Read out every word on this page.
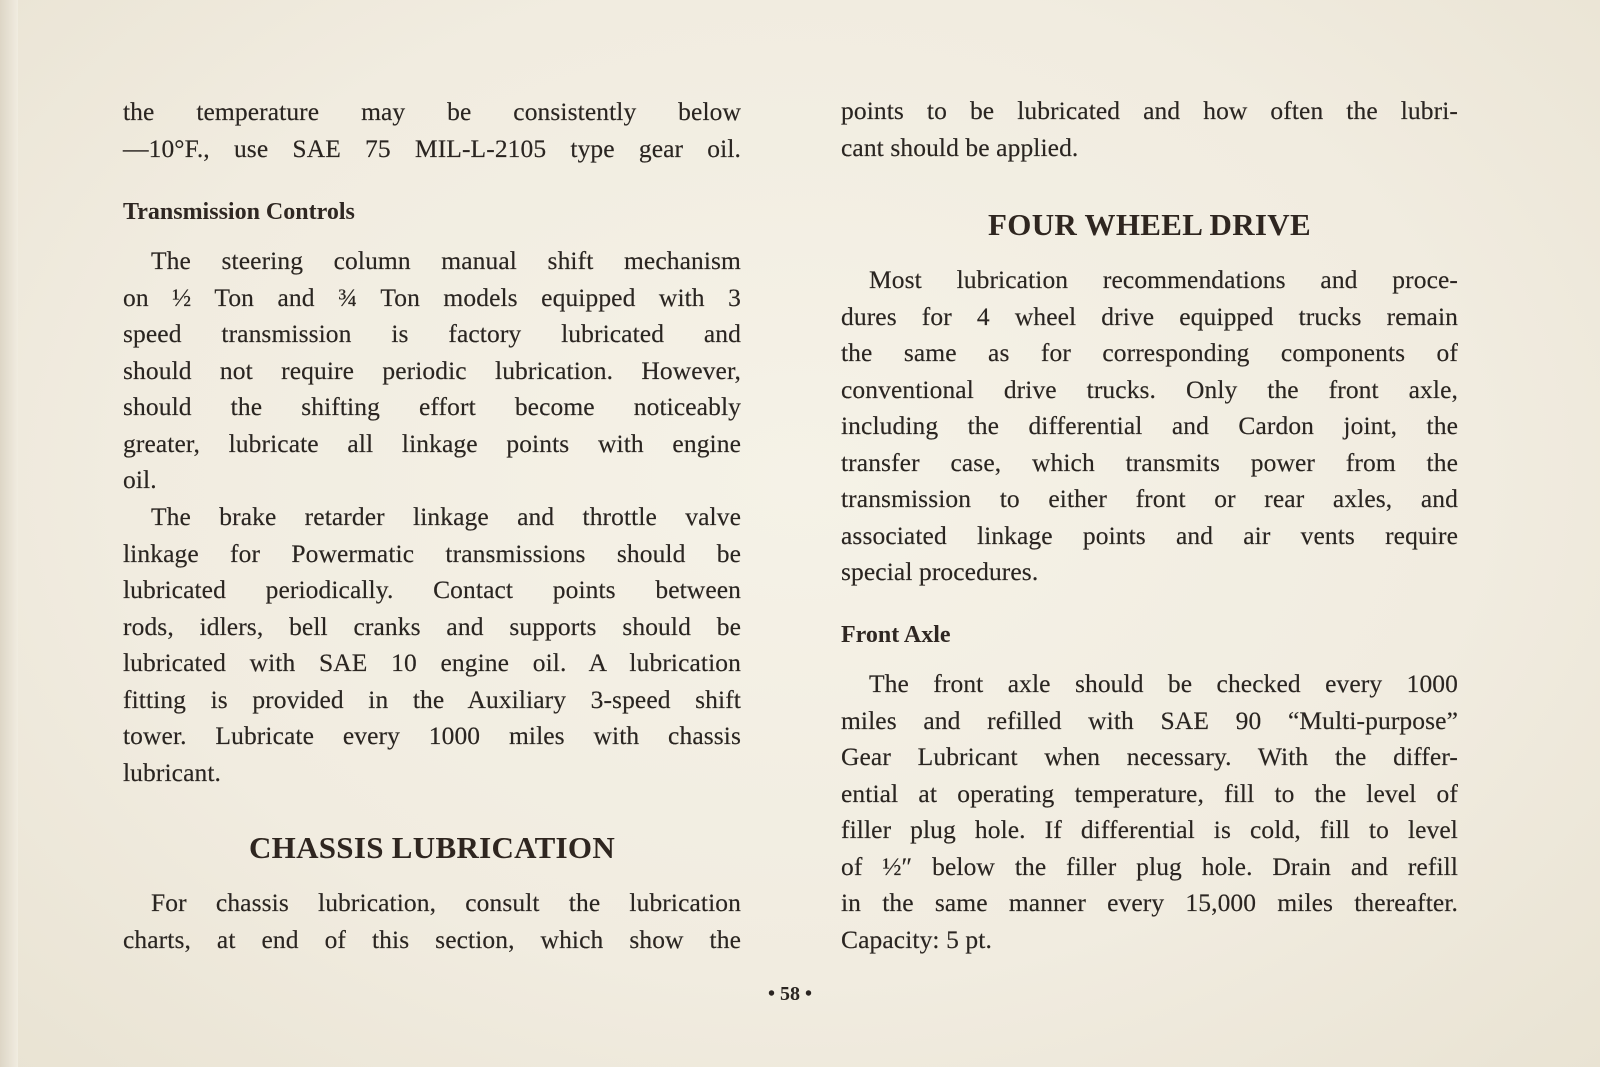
the temperature may be consistently below
—10°F., use SAE 75 MIL-L-2105 type gear oil.
Transmission Controls
The steering column manual shift mechanism
on ½ Ton and ¾ Ton models equipped with 3
speed transmission is factory lubricated and
should not require periodic lubrication. However,
should the shifting effort become noticeably
greater, lubricate all linkage points with engine
oil.
The brake retarder linkage and throttle valve
linkage for Powermatic transmissions should be
lubricated periodically. Contact points between
rods, idlers, bell cranks and supports should be
lubricated with SAE 10 engine oil. A lubrication
fitting is provided in the Auxiliary 3-speed shift
tower. Lubricate every 1000 miles with chassis
lubricant.
CHASSIS LUBRICATION
For chassis lubrication, consult the lubrication
charts, at end of this section, which show the
points to be lubricated and how often the lubri-
cant should be applied.
FOUR WHEEL DRIVE
Most lubrication recommendations and proce-
dures for 4 wheel drive equipped trucks remain
the same as for corresponding components of
conventional drive trucks. Only the front axle,
including the differential and Cardon joint, the
transfer case, which transmits power from the
transmission to either front or rear axles, and
associated linkage points and air vents require
special procedures.
Front Axle
The front axle should be checked every 1000
miles and refilled with SAE 90 “Multi-purpose”
Gear Lubricant when necessary. With the differ-
ential at operating temperature, fill to the level of
filler plug hole. If differential is cold, fill to level
of ½″ below the filler plug hole. Drain and refill
in the same manner every 15,000 miles thereafter.
Capacity: 5 pt.
• 58 •
